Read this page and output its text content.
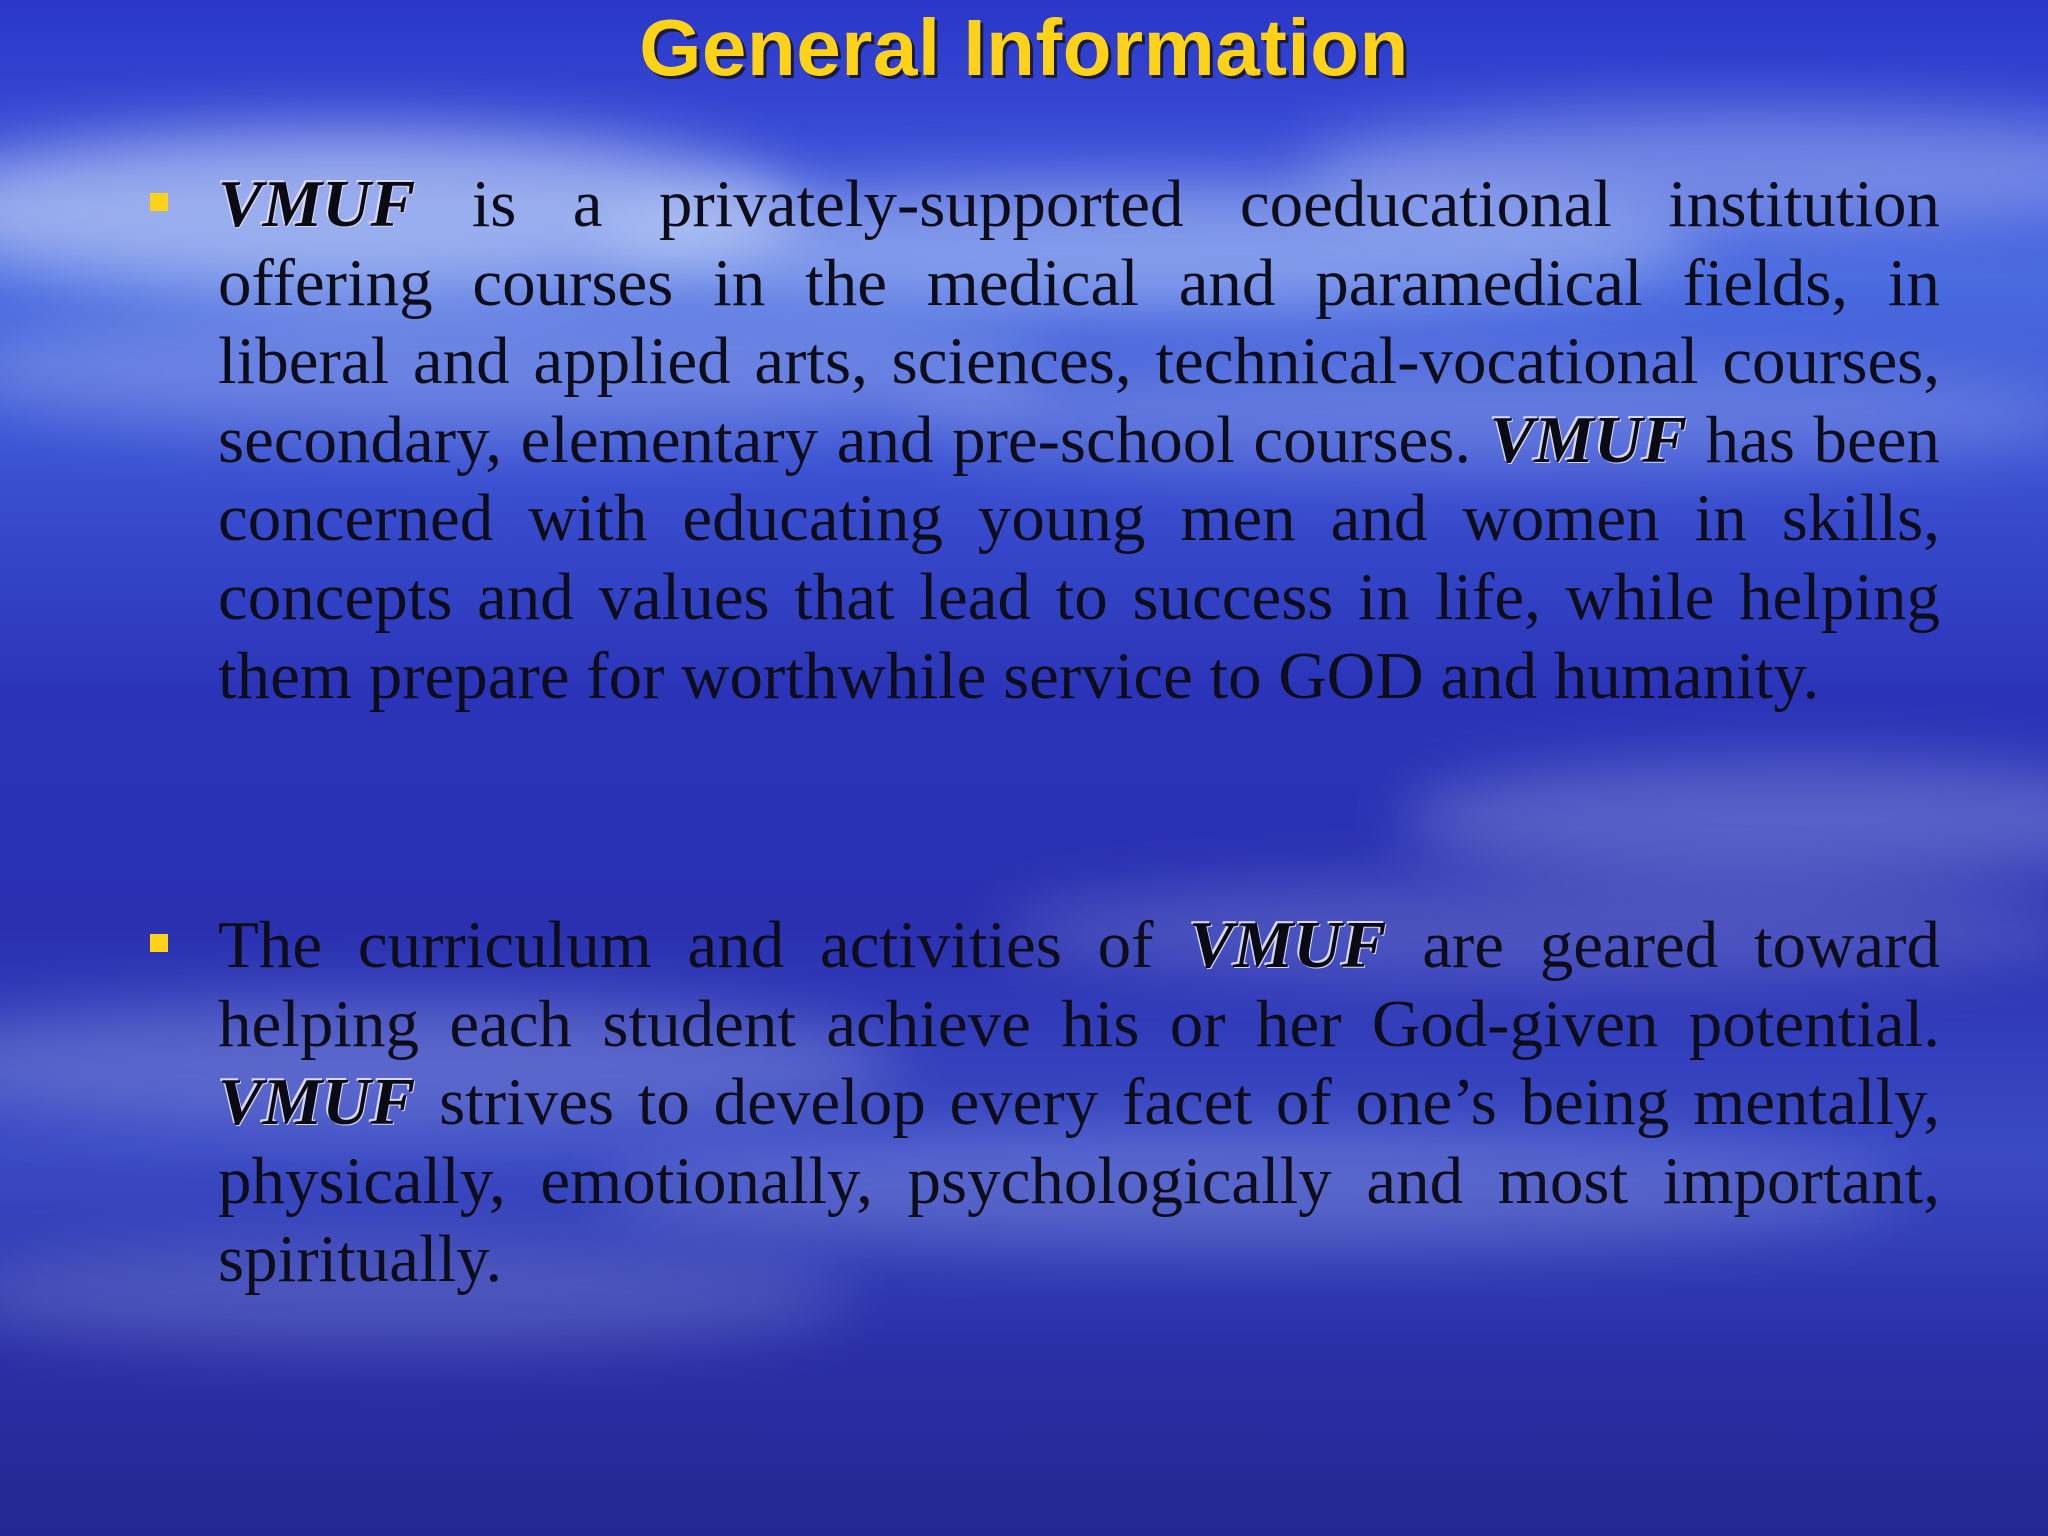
General Information
VMUF is a privately-supported coeducational institution offering courses in the medical and paramedical fields, in liberal and applied arts, sciences, technical-vocational courses, secondary, elementary and pre-school courses. VMUF has been concerned with educating young men and women in skills, concepts and values that lead to success in life, while helping them prepare for worthwhile service to GOD and humanity.
The curriculum and activities of VMUF are geared toward helping each student achieve his or her God-given potential. VMUF strives to develop every facet of one’s being mentally, physically, emotionally, psychologically and most important, spiritually.
